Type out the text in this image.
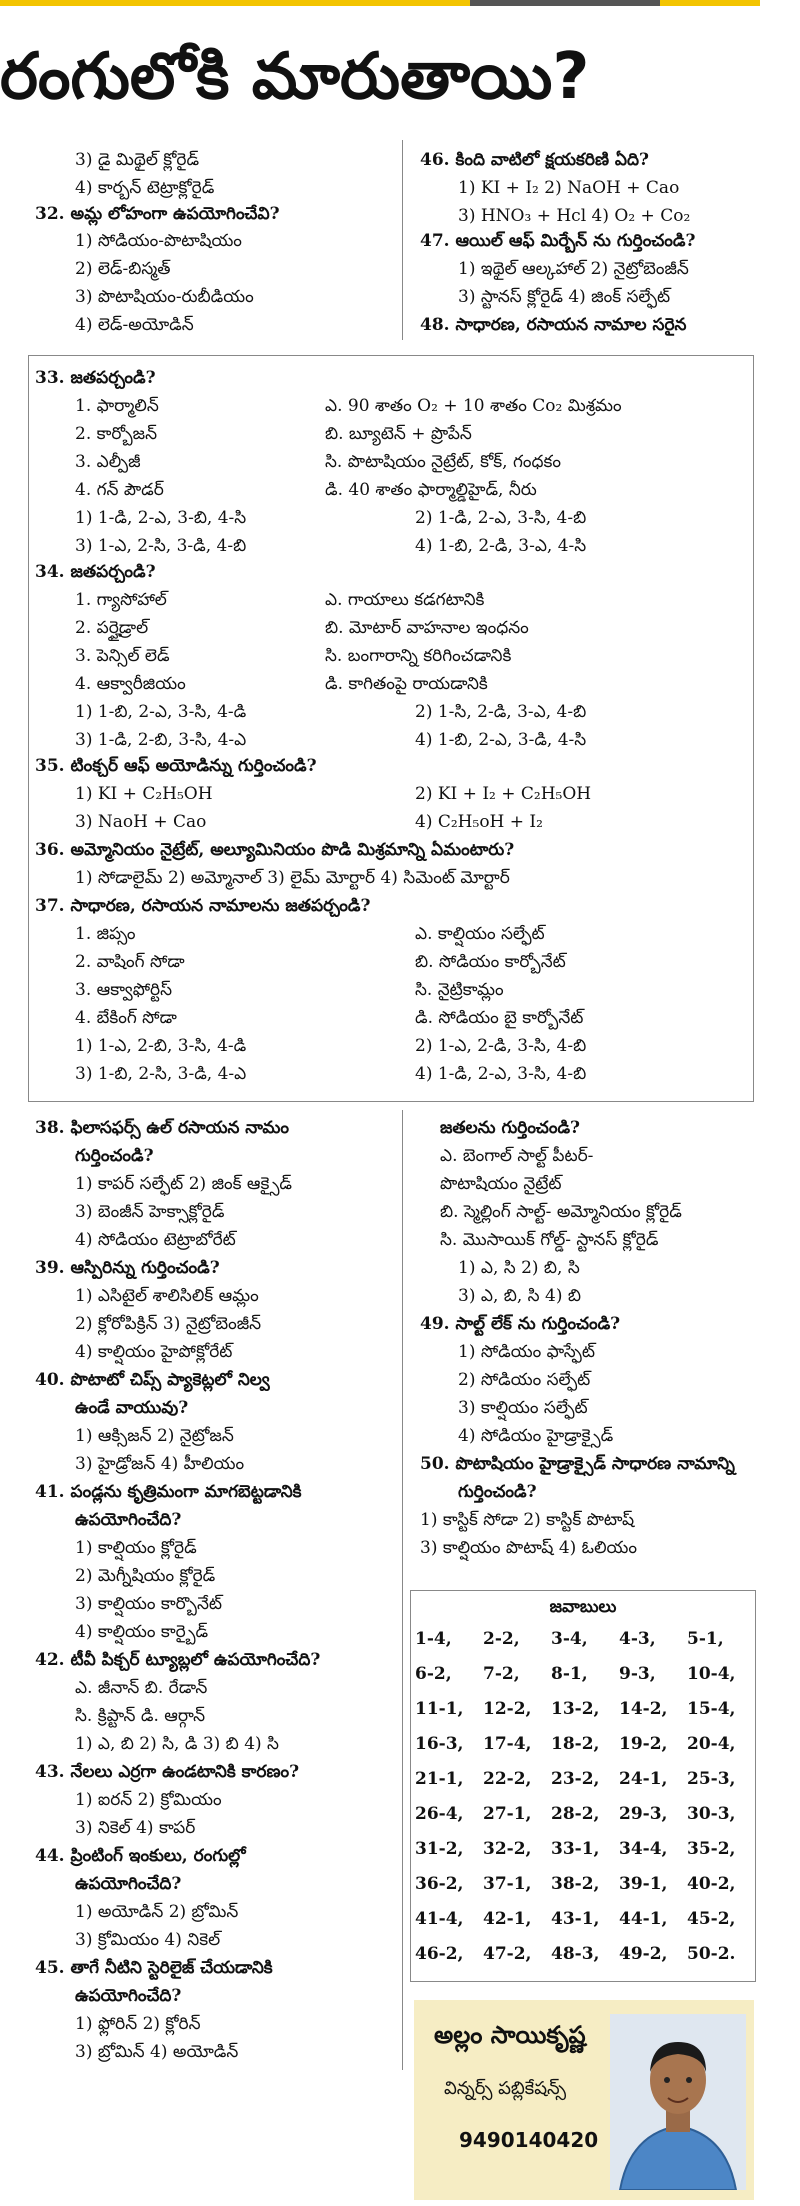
రంగులోకి మారుతాయి?
3) డై మిథైల్ క్లోరైడ్
4) కార్బన్ టెట్రాక్లోరైడ్
32. అమ్ల లోహంగా ఉపయోగించేవి?
1) సోడియం-పొటాషియం
2) లెడ్-బిస్మత్
3) పొటాషియం-రుబీడియం
4) లెడ్-అయోడిన్
46. కింది వాటిలో క్షయకరిణి ఏది?
1) KI + I₂ 2) NaOH + Cao
3) HNO₃ + Hcl 4) O₂ + Co₂
47. ఆయిల్ ఆఫ్ మిర్బేన్ ను గుర్తించండి?
1) ఇథైల్ ఆల్కహాల్ 2) నైట్రోబెంజీన్
3) స్టానస్ క్లోరైడ్ 4) జింక్ సల్ఫేట్
48. సాధారణ, రసాయన నామాల సరైన
33. జతపర్చండి?
1. ఫార్మాలిన్	ఎ. 90 శాతం O₂ + 10 శాతం Co₂ మిశ్రమం
2. కార్బోజన్	బి. బ్యూటెన్ + ప్రొపేన్
3. ఎల్పీజీ	సి. పొటాషియం నైట్రేట్, కోక్, గంధకం
4. గన్ పౌడర్	డి. 40 శాతం ఫార్మాల్డిహైడ్, నీరు
1) 1-డి, 2-ఎ, 3-బి, 4-సి	2) 1-డి, 2-ఎ, 3-సి, 4-బి
3) 1-ఎ, 2-సి, 3-డి, 4-బి	4) 1-బి, 2-డి, 3-ఎ, 4-సి
34. జతపర్చండి?
1. గ్యాసోహాల్	ఎ. గాయాలు కడగటానికి
2. పర్హైడ్రాల్	బి. మోటార్ వాహనాల ఇంధనం
3. పెన్సిల్ లెడ్	సి. బంగారాన్ని కరిగించడానికి
4. ఆక్వారీజియం	డి. కాగితంపై రాయడానికి
1) 1-బి, 2-ఎ, 3-సి, 4-డి	2) 1-సి, 2-డి, 3-ఎ, 4-బి
3) 1-డి, 2-బి, 3-సి, 4-ఎ	4) 1-బి, 2-ఎ, 3-డి, 4-సి
35. టింక్చర్ ఆఫ్ అయోడిన్ను గుర్తించండి?
1) KI + C₂H₅OH	2) KI + I₂ + C₂H₅OH
3) NaoH + Cao	4) C₂H₅oH + I₂
36. అమ్మోనియం నైట్రేట్, అల్యూమినియం పొడి మిశ్రమాన్ని ఏమంటారు?
1) సోడాలైమ్ 2) అమ్మోనాల్ 3) లైమ్ మోర్టార్ 4) సిమెంట్ మోర్టార్
37. సాధారణ, రసాయన నామాలను జతపర్చండి?
1. జిప్సం	ఎ. కాల్షియం సల్ఫేట్
2. వాషింగ్ సోడా	బి. సోడియం కార్బోనేట్
3. ఆక్వాఫోర్టిస్	సి. నైట్రికామ్లం
4. బేకింగ్ సోడా	డి. సోడియం బై కార్బోనేట్
1) 1-ఎ, 2-బి, 3-సి, 4-డి	2) 1-ఎ, 2-డి, 3-సి, 4-బి
3) 1-బి, 2-సి, 3-డి, 4-ఎ	4) 1-డి, 2-ఎ, 3-సి, 4-బి
38. ఫిలాసఫర్స్ ఉల్ రసాయన నామం
గుర్తించండి?
1) కాపర్ సల్ఫేట్ 2) జింక్ ఆక్సైడ్
3) బెంజీన్ హెక్సాక్లోరైడ్
4) సోడియం టెట్రాబోరేట్
39. ఆస్పిరిన్ను గుర్తించండి?
1) ఎసిటైల్ శాలిసిలిక్ ఆమ్లం
2) క్లోరోపిక్రిన్ 3) నైట్రోబెంజీన్
4) కాల్షియం హైపోక్లోరేట్
40. పొటాటో చిప్స్ ప్యాకెట్లలో నిల్వ
ఉండే వాయువు?
1) ఆక్సిజన్ 2) నైట్రోజన్
3) హైడ్రోజన్ 4) హీలియం
41. పండ్లను కృత్రిమంగా మాగబెట్టడానికి
ఉపయోగించేది?
1) కాల్షియం క్లోరైడ్
2) మెగ్నీషియం క్లోరైడ్
3) కాల్షియం కార్బొనేట్
4) కాల్షియం కార్బైడ్
42. టీవీ పిక్చర్ ట్యూబ్లలో ఉపయోగించేది?
ఎ. జీనాన్ బి. రేడాన్
సి. క్రిప్టాన్ డి. ఆర్గాన్
1) ఎ, బి 2) సి, డి 3) బి 4) సి
43. నేలలు ఎర్రగా ఉండటానికి కారణం?
1) ఐరన్ 2) క్రోమియం
3) నికెల్ 4) కాపర్
44. ప్రింటింగ్ ఇంకులు, రంగుల్లో
ఉపయోగించేది?
1) అయోడిన్ 2) బ్రోమిన్
3) క్రోమియం 4) నికెల్
45. తాగే నీటిని స్టెరిలైజ్ చేయడానికి
ఉపయోగించేది?
1) ఫ్లోరిన్ 2) క్లోరిన్
3) బ్రోమిన్ 4) అయోడిన్
జతలను గుర్తించండి?
ఎ. బెంగాల్ సాల్ట్ పీటర్-
పొటాషియం నైట్రేట్
బి. స్మెల్లింగ్ సాల్ట్- అమ్మోనియం క్లోరైడ్
సి. మొసాయిక్ గోల్డ్- స్టానస్ క్లోరైడ్
1) ఎ, సి 2) బి, సి
3) ఎ, బి, సి 4) బి
49. సాల్ట్ లేక్ ను గుర్తించండి?
1) సోడియం ఫాస్ఫేట్
2) సోడియం సల్ఫేట్
3) కాల్షియం సల్ఫేట్
4) సోడియం హైడ్రాక్సైడ్
50. పొటాషియం హైడ్రాక్సైడ్ సాధారణ నామాన్ని
గుర్తించండి?
1) కాస్టిక్ సోడా 2) కాస్టిక్ పొటాష్
3) కాల్షియం పొటాష్ 4) ఓలియం
జవాబులు
1-4, 2-2, 3-4, 4-3, 5-1,
6-2, 7-2, 8-1, 9-3, 10-4,
11-1, 12-2, 13-2, 14-2, 15-4,
16-3, 17-4, 18-2, 19-2, 20-4,
21-1, 22-2, 23-2, 24-1, 25-3,
26-4, 27-1, 28-2, 29-3, 30-3,
31-2, 32-2, 33-1, 34-4, 35-2,
36-2, 37-1, 38-2, 39-1, 40-2,
41-4, 42-1, 43-1, 44-1, 45-2,
46-2, 47-2, 48-3, 49-2, 50-2.
అల్లం సాయికృష్ణ
విన్నర్స్ పబ్లికేషన్స్
9490140420
